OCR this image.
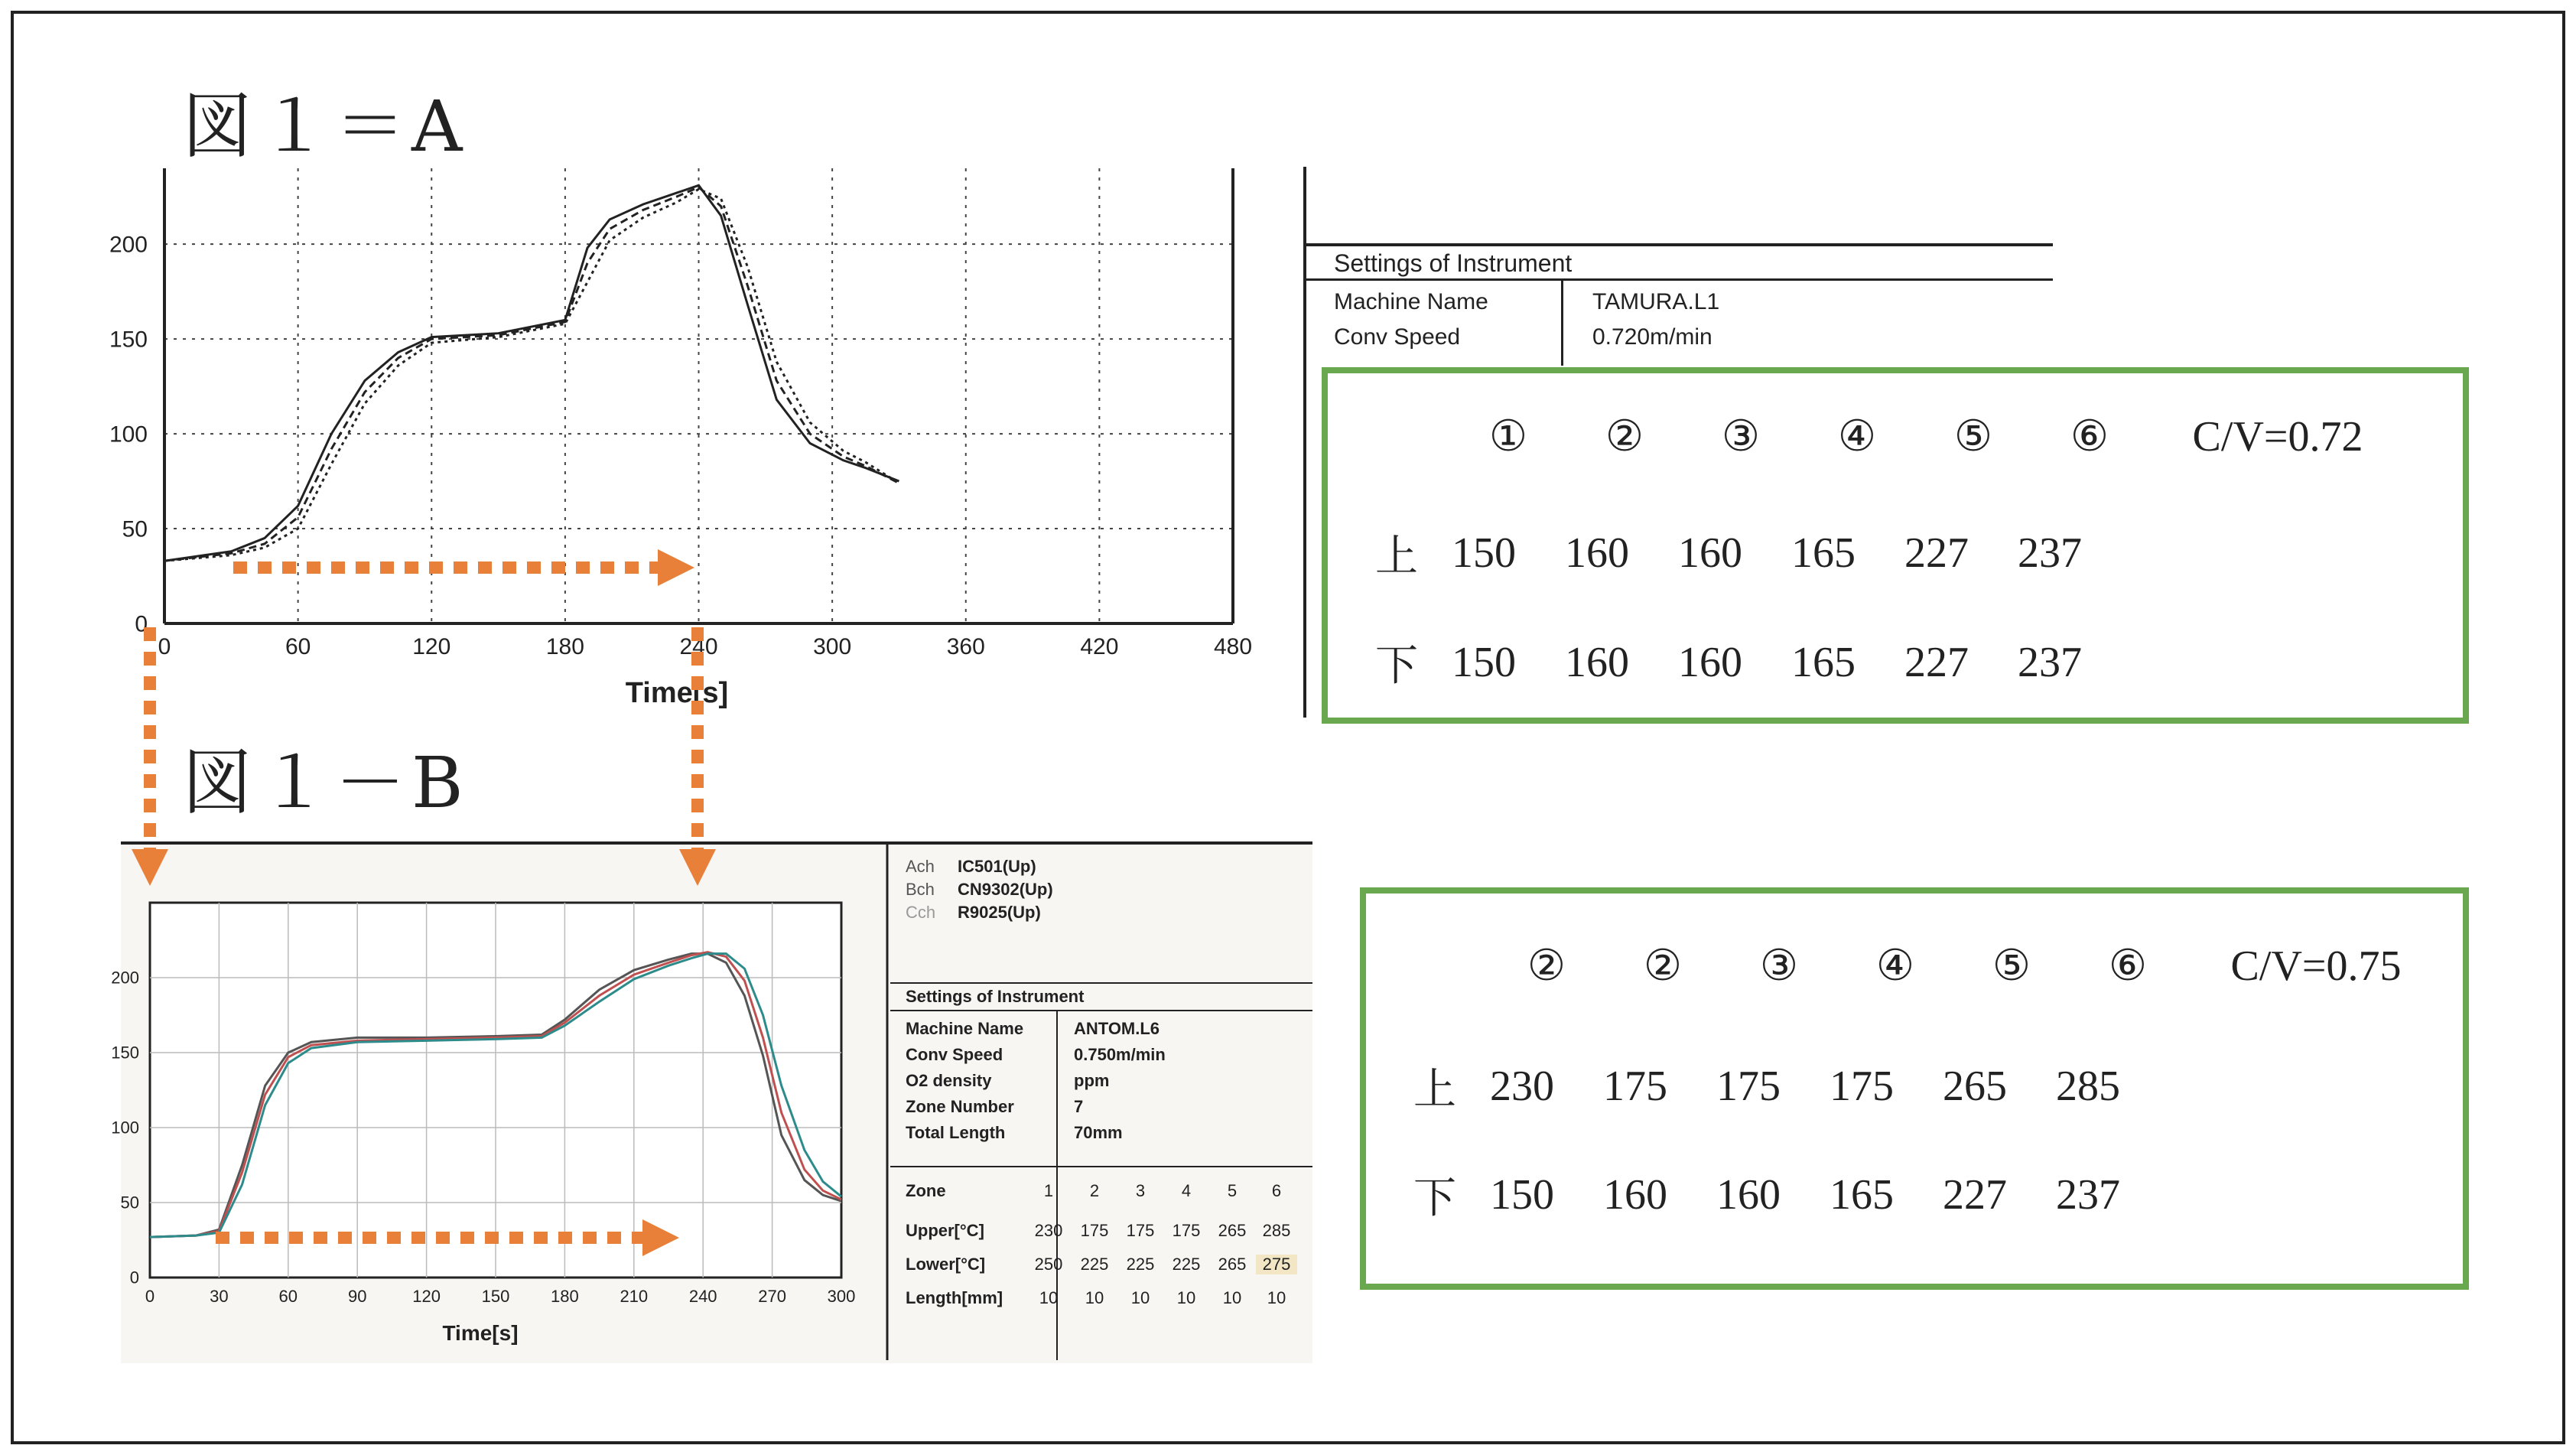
図１＝A
図１－B
0	60	120	180	240	300	360	420	480
0
50
100
150
200
Time[s]
0	30	60	90	120 150 180 210 240 270 300
0
50
100
150
200
Time[s]
Settings of Instrument
Machine Name	TAMURA.L1
Conv Speed	0.720m/min
①	②	③	④	⑤	⑥	C/V=0.72
上 150	160	160	165	227	237
下 150	160	160	165	227	237
②	②	③	④	⑤	⑥	C/V=0.75
上 230	175	175	175	265	285
下 150	160	160	165	227	237
Ach IC501(Up)
Bch CN9302(Up)
Cch R9025(Up)
Settings of Instrument
Machine Name	ANTOM.L6
Conv Speed	0.750m/min
O2 density	ppm
Zone Number	7
Total Length	70mm
Zone	1	2	3	4	5	6
Upper[°C]	230	175	175	175	265 285
Lower[°C]	250	225	225	225	265 275
Length[mm]	10	10	10	10	10	10
